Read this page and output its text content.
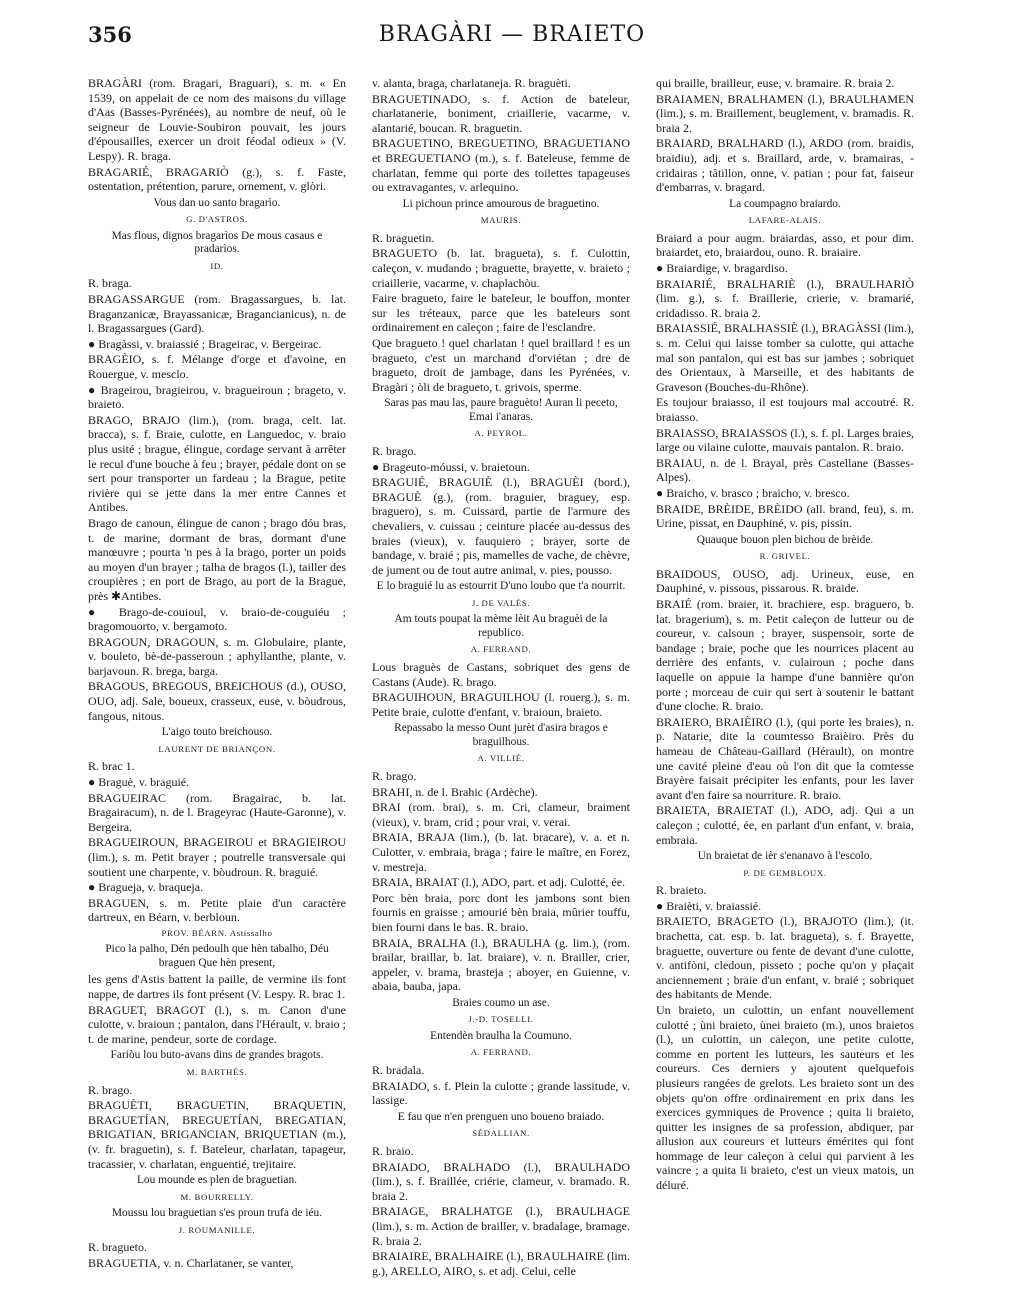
356	BRAGÀRI — BRAIETO
BRAGÀRI (rom. Bragari, Braguari), s. m. « En 1539, on appelait de ce nom des maisons du village d'Aas (Basses-Pyrénées), au nombre de neuf, où le seigneur de Louvie-Soubiron pouvait, les jours d'épousailles, exercer un droit féodal odieux » (V. Lespy). R. braga.
BRAGARIÉ, BRAGARIÒ (g.), s. f. Faste, ostentation, prétention, parure, ornement, v. glòri.
Vous dan uo santo bragarìo.
G. D'ASTROS.
Mas flous, dignos bragarìos De mous casaus e pradarìos.
ID.
R. braga.
BRAGASSARGUE (rom. Bragassargues, b. lat. Braganzanicæ, Brayassanicæ, Bragancianicus), n. de l. Bragassargues (Gard).
● Bragàssi, v. braiassié ; Brageirac, v. Bergeirac.
BRAGÈIO, s. f. Mélange d'orge et d'avoine, en Rouergue, v. mesclo.
● Brageirou, bragieirou, v. bragueiroun ; brageto, v. braieto.
BRAGO, BRAJO (lim.), (rom. braga, celt. lat. bracca), s. f. Braie, culotte, en Languedoc, v. braio plus usité ; brague, élingue, cordage servant à arrêter le recul d'une bouche à feu ; brayer, pédale dont on se sert pour transporter un fardeau ; la Brague, petite rivière qui se jette dans la mer entre Cannes et Antibes.
Brago de canoun, élingue de canon ; brago dóu bras, t. de marine, dormant de bras, dormant d'une manœuvre ; pourta 'n pes à la brago, porter un poids au moyen d'un brayer ; talha de bragos (l.), tailler des croupières ; en port de Brago, au port de la Brague, près ✱Antibes.
● Brago-de-couioul, v. braio-de-couguiéu ; bragomouorto, v. bergamoto.
BRAGOUN, DRAGOUN, s. m. Globulaire, plante, v. bouleto, bè-de-passeroun ; aphyllanthe, plante, v. barjavoun. R. brega, barga.
BRAGOUS, BREGOUS, BREICHOUS (d.), OUSO, OUO, adj. Sale, boueux, crasseux, euse, v. bòudrous, fangous, nitous.
L'aigo touto breichouso.
LAURENT DE BRIANÇON.
R. brac 1.
● Braguè, v. braguié.
BRAGUEIRAC (rom. Bragairac, b. lat. Bragairacum), n. de l. Brageyrac (Haute-Garonne), v. Bergeira.
BRAGUEIROUN, BRAGEIROU et BRAGIEIROU (lim.), s. m. Petit brayer ; poutrelle transversale qui soutient une charpente, v. bòudroun. R. braguié.
● Bragueja, v. braqueja.
BRAGUEN, s. m. Petite plaie d'un caractère dartreux, en Béarn, v. berbloun.
PROV. BÉARN. Astissalho
Pico la palho, Dén pedoulh que hèn tabalho, Déu braguen Que hèn present,
les gens d'Astis battent la paille, de vermine ils font nappe, de dartres ils font présent (V. Lespy. R. brac 1.
BRAGUET, BRAGOT (l.), s. m. Canon d'une culotte, v. braioun ; pantalon, dans l'Hérault, v. braio ; t. de marine, pendeur, sorte de cordage.
Fariòu lou buto-avans dins de grandes bragots.
M. BARTHÉS.
R. brago.
BRAGUÈTI, BRAGUETIN, BRAQUETIN, BRAGUETÍAN, BREGUETÍAN, BREGATIAN, BRIGATIAN, BRIGANCIAN, BRIQUETIAN (m.), (v. fr. braguetin), s. f. Bateleur, charlatan, tapageur, tracassier, v. charlatan, enguentié, trejitaire.
Lou mounde es plen de braguetian.
M. BOURRELLY.
Moussu lou braguetian s'es proun trufa de iéu.
J. ROUMANILLE.
R. bragueto.
BRAGUETIA, v. n. Charlataner, se vanter,
v. alanta, braga, charlataneja. R. braguèti.
BRAGUETINADO, s. f. Action de bateleur, charlatanerie, boniment, criaillerie, vacarme, v. alantarié, boucan. R. braguetin.
BRAGUETINO, BREGUETINO, BRAGUETIANO et BREGUETIANO (m.), s. f. Bateleuse, femme de charlatan, femme qui porte des toilettes tapageuses ou extravagantes, v. arlequino.
Li pichoun prince amourous de braguetino.
MAURIS.
R. braguetin.
BRAGUETO (b. lat. bragueta), s. f. Culottin, caleçon, v. mudando ; braguette, brayette, v. braieto ; criaillerie, vacarme, v. chaplachòu.
Faire bragueto, faire le bateleur, le bouffon, monter sur les tréteaux, parce que les bateleurs sont ordinairement en caleçon ; faire de l'esclandre.
Que bragueto ! quel charlatan ! quel braillard ! es un bragueto, c'est un marchand d'orviétan ; dre de bragueto, droit de jambage, dans les Pyrénées, v. Bragàri ; òli de bragueto, t. grivois, sperme.
Saras pas mau las, paure braguèto! Auran li peceto, Emai i'anaras.
A. PEYROL.
R. brago.
● Brageuto-móussi, v. braietoun.
BRAGUIÉ, BRAGUIÈ (l.), BRAGUÈI (bord.), BRAGUÈ (g.), (rom. braguier, braguey, esp. braguero), s. m. Cuissard, partie de l'armure des chevaliers, v. cuissau ; ceinture placée au-dessus des braies (vieux), v. fauquiero ; brayer, sorte de bandage, v. braié ; pis, mamelles de vache, de chèvre, de jument ou de tout autre animal, v. pies, pousso.
E lo braguié lu as estourrit D'uno loubo que t'a nourrit.
J. DE VALÈS.
Am touts poupat la mème lèit Au braguèi de la republico.
A. FERRAND.
Lous braguès de Castans, sobriquet des gens de Castans (Aude). R. brago.
BRAGUIHOUN, BRAGUILHOU (l. rouerg.), s. m. Petite braie, culotte d'enfant, v. braioun, braieto.
Repassabo la messo Ount jurèt d'asira bragos e braguilhous.
A. VILLIÉ.
R. brago.
BRAHI, n. de l. Brahic (Ardèche).
BRAI (rom. brai), s. m. Cri, clameur, braiment (vieux), v. bram, crid ; pour vrai, v. verai.
BRAIA, BRAJA (lim.), (b. lat. bracare), v. a. et n. Culotter, v. embraia, braga ; faire le maître, en Forez, v. mestreja.
BRAIA, BRAIAT (l.), ADO, part. et adj. Culotté, ée.
Porc bèn braia, porc dont les jambons sont bien fournis en graisse ; amourié bèn braia, mûrier touffu, bien fourni dans le bas. R. braio.
BRAIA, BRALHA (l.), BRAULHA (g. lim.), (rom. brailar, braillar, b. lat. braiare), v. n. Brailler, crier, appeler, v. brama, brasteja ; aboyer, en Guienne, v. abaia, bauba, japa.
Braies coumo un ase.
J.-D. TOSELLI.
Entendèn braulha la Coumuno.
A. FERRAND.
R. bradala.
BRAIADO, s. f. Plein la culotte ; grande lassitude, v. lassige.
E fau que n'en prenguen uno boueno braiado.
SÉDALLIAN.
R. braio.
BRAIADO, BRALHADO (l.), BRAULHADO (lim.), s. f. Braillée, criérie, clameur, v. bramado. R. braia 2.
BRAIAGE, BRALHATGE (l.), BRAULHAGE (lim.), s. m. Action de brailler, v. bradalage, bramage. R. braia 2.
BRAIAIRE, BRALHAIRE (l.), BRAULHAIRE (lim. g.), ARELLO, AIRO, s. et adj. Celui, celle
qui braille, brailleur, euse, v. bramaire. R. braia 2.
BRAIAMEN, BRALHAMEN (l.), BRAULHAMEN (lim.), s. m. Braillement, beuglement, v. bramadis. R. braia 2.
BRAIARD, BRALHARD (l.), ARDO (rom. braidis, braidiu), adj. et s. Braillard, arde, v. bramairas, -cridairas ; tâtillon, onne, v. patian ; pour fat, faiseur d'embarras, v. bragard.
La coumpagno braiardo.
LAFARE-ALAIS.
Braiard a pour augm. braiardas, asso, et pour dim. braiardet, eto, braiardou, ouno. R. braiaire.
● Braiardige, v. bragardiso.
BRAIARIÉ, BRALHARIÈ (l.), BRAULHARIÒ (lim. g.), s. f. Braillerie, crierie, v. bramarié, cridadisso. R. braia 2.
BRAIASSIÉ, BRALHASSIÈ (l.), BRAGÀSSI (lim.), s. m. Celui qui laisse tomber sa culotte, qui attache mal son pantalon, qui est bas sur jambes ; sobriquet des Orientaux, à Marseille, et des habitants de Graveson (Bouches-du-Rhône).
Es toujour braiasso, il est toujours mal accoutré. R. braiasso.
BRAIASSO, BRAIASSOS (l.), s. f. pl. Larges braies, large ou vilaine culotte, mauvais pantalon. R. braio.
BRAIAU, n. de l. Brayal, près Castellane (Basses-Alpes).
● Braicho, v. brasco ; braicho, v. bresco.
BRAIDE, BRÈIDE, BRÈIDO (all. brand, feu), s. m. Urine, pissat, en Dauphiné, v. pis, pissin.
Quauque bouon plen bichou de brèide.
R. GRIVEL.
BRAIDOUS, OUSO, adj. Urineux, euse, en Dauphiné, v. pissous, pissarous. R. braide.
BRAIÉ (rom. braier, it. brachiere, esp. braguero, b. lat. bragerium), s. m. Petit caleçon de lutteur ou de coureur, v. calsoun ; brayer, suspensoir, sorte de bandage ; braie, poche que les nourrices placent au derrière des enfants, v. culairoun ; poche dans laquelle on appuie la hampe d'une bannière qu'on porte ; morceau de cuir qui sert à soutenir le battant d'une cloche. R. braio.
BRAIERO, BRAIÈIRO (l.), (qui porte les braies), n. p. Natarie, dite la coumtesso Braièiro. Près du hameau de Château-Gaillard (Hérault), on montre une cavité pleine d'eau où l'on dit que la comtesse Brayère faisait précipiter les enfants, pour les laver avant d'en faire sa nourriture. R. braio.
BRAIETA, BRAIETAT (l.), ADO, adj. Qui a un caleçon ; culotté, ée, en parlant d'un enfant, v. braia, embraia.
Un braietat de ièr s'enanavo à l'escolo.
P. DE GEMBLOUX.
R. braieto.
● Braièti, v. braiassié.
BRAIETO, BRAGETO (l.), BRAJOTO (lim.), (it. brachetta, cat. esp. b. lat. bragueta), s. f. Brayette, braguette, ouverture ou fente de devant d'une culotte, v. antifòni, cledoun, pisseto ; poche qu'on y plaçait anciennement ; braie d'un enfant, v. braié ; sobriquet des habitants de Mende.
Un braieto, un culottin, un enfant nouvellement culotté ; ùni braieto, ùnei braieto (m.), unos braietos (l.), un culottin, un caleçon, une petite culotte, comme en portent les lutteurs, les sauteurs et les coureurs. Ces derniers y ajoutent quelquefois plusieurs rangées de grelots. Les braieto sont un des objets qu'on offre ordinairement en prix dans les exercices gymniques de Provence ; quita li braieto, quitter les insignes de sa profession, abdiquer, par allusion aux coureurs et lutteurs émérites qui font hommage de leur caleçon à celui qui parvient à les vaincre ; a quita li braieto, c'est un vieux matois, un déluré.
